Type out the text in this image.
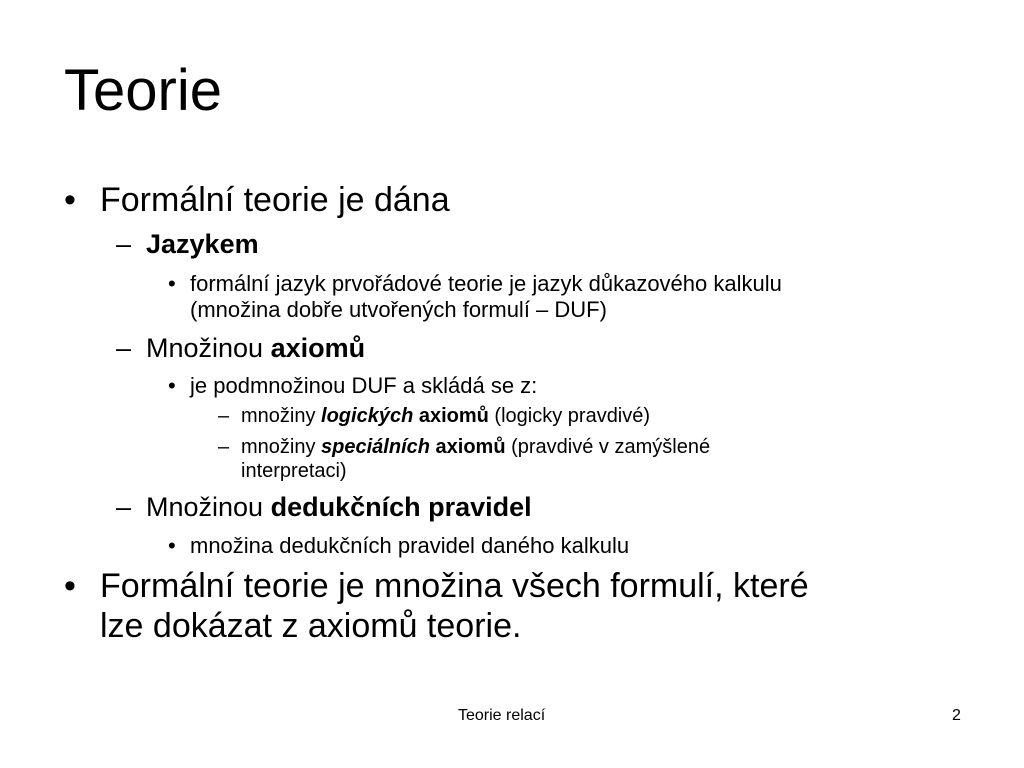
Teorie
• Formální teorie je dána
– Jazykem
• formální jazyk prvořádové teorie je jazyk důkazového kalkulu
(množina dobře utvořených formulí – DUF)
– Množinou axiomů
• je podmnožinou DUF a skládá se z:
– množiny logických axiomů (logicky pravdivé)
– množiny speciálních axiomů (pravdivé v zamýšlené
interpretaci)
– Množinou dedukčních pravidel
• množina dedukčních pravidel daného kalkulu
• Formální teorie je množina všech formulí, které
lze dokázat z axiomů teorie.
Teorie relací	2
